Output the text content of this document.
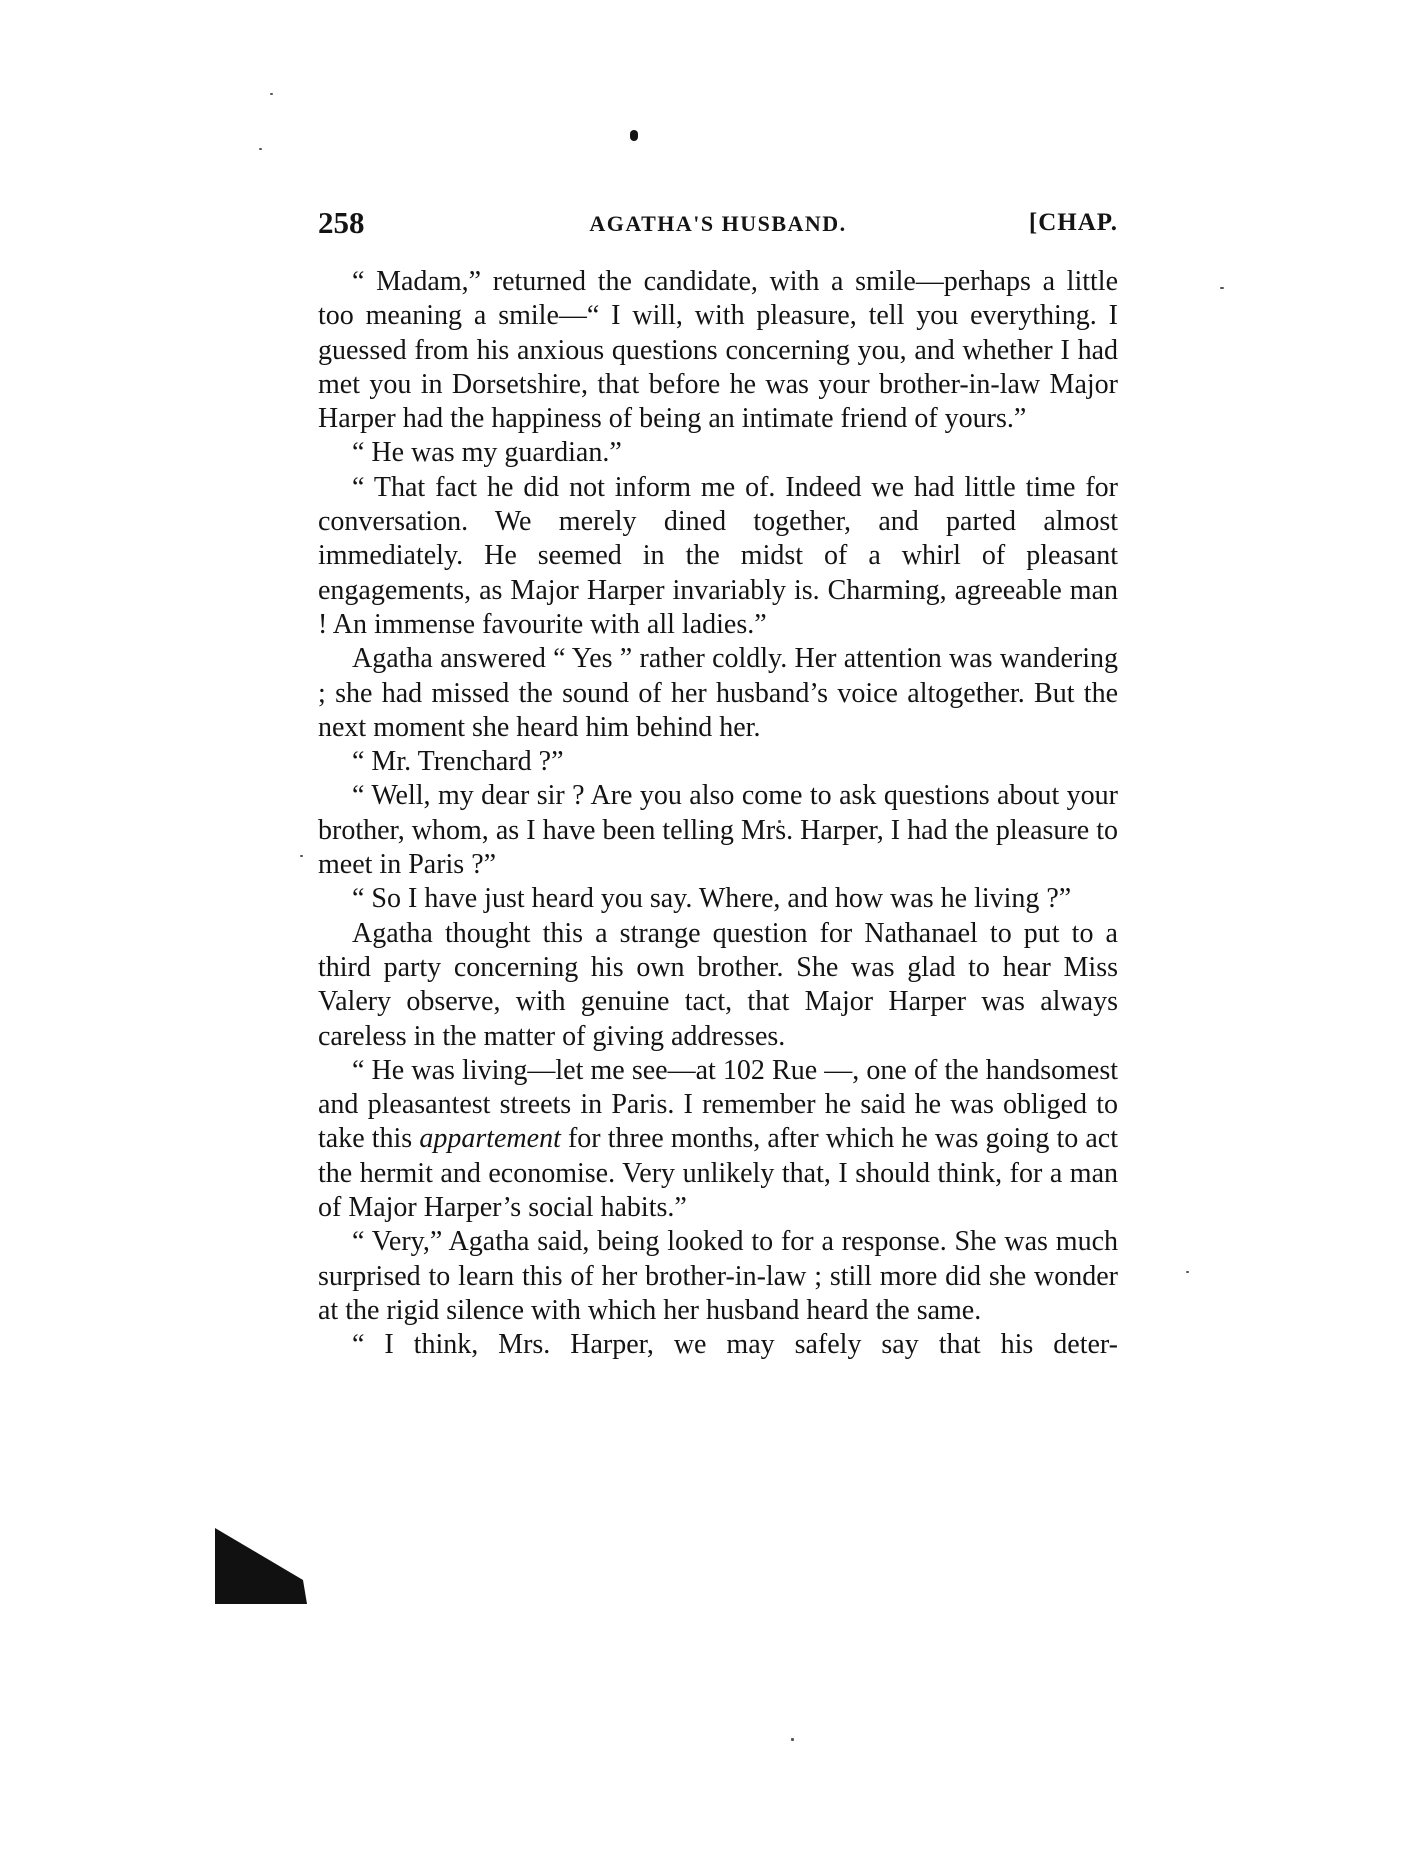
258	AGATHA'S HUSBAND.	[CHAP.

“ Madam,” returned the candidate, with a smile—perhaps a little too meaning a smile—“ I will, with pleasure, tell you everything. I guessed from his anxious questions concerning you, and whether I had met you in Dorsetshire, that before he was your brother-in-law Major Harper had the happiness of being an intimate friend of yours.”

“ He was my guardian.”

“ That fact he did not inform me of. Indeed we had little time for conversation. We merely dined together, and parted almost immediately. He seemed in the midst of a whirl of pleasant engagements, as Major Harper invariably is. Charming, agreeable man ! An immense favourite with all ladies.”

Agatha answered “ Yes ” rather coldly. Her attention was wandering ; she had missed the sound of her husband’s voice altogether. But the next moment she heard him behind her.

“ Mr. Trenchard ?”

“ Well, my dear sir ? Are you also come to ask questions about your brother, whom, as I have been telling Mrs. Harper, I had the pleasure to meet in Paris ?”

“ So I have just heard you say. Where, and how was he living ?”

Agatha thought this a strange question for Nathanael to put to a third party concerning his own brother. She was glad to hear Miss Valery observe, with genuine tact, that Major Harper was always careless in the matter of giving addresses.

“ He was living—let me see—at 102 Rue —, one of the handsomest and pleasantest streets in Paris. I remember he said he was obliged to take this appartement for three months, after which he was going to act the hermit and economise. Very unlikely that, I should think, for a man of Major Harper’s social habits.”

“ Very,” Agatha said, being looked to for a response. She was much surprised to learn this of her brother-in-law ; still more did she wonder at the rigid silence with which her husband heard the same.

“ I think, Mrs. Harper, we may safely say that his deter-
